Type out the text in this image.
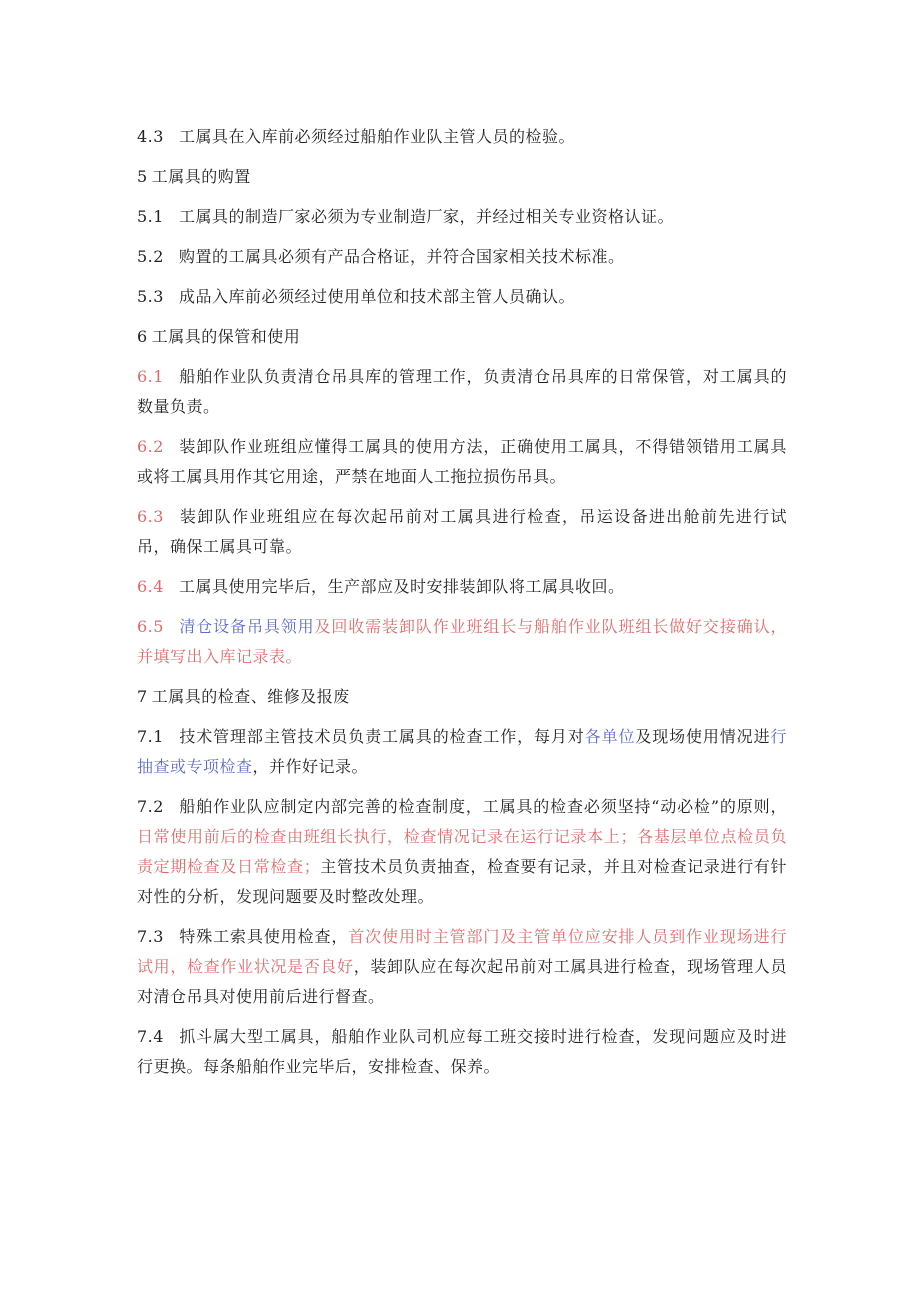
4.3 工属具在入库前必须经过船舶作业队主管人员的检验。

5 工属具的购置

5.1 工属具的制造厂家必须为专业制造厂家，并经过相关专业资格认证。

5.2 购置的工属具必须有产品合格证，并符合国家相关技术标准。

5.3 成品入库前必须经过使用单位和技术部主管人员确认。

6 工属具的保管和使用

6.1 船舶作业队负责清仓吊具库的管理工作，负责清仓吊具库的日常保管，对工属具的数量负责。

6.2 装卸队作业班组应懂得工属具的使用方法，正确使用工属具，不得错领错用工属具或将工属具用作其它用途，严禁在地面人工拖拉损伤吊具。

6.3 装卸队作业班组应在每次起吊前对工属具进行检查，吊运设备进出舱前先进行试吊，确保工属具可靠。

6.4 工属具使用完毕后，生产部应及时安排装卸队将工属具收回。

6.5 清仓设备吊具领用及回收需装卸队作业班组长与船舶作业队班组长做好交接确认，并填写出入库记录表。

7 工属具的检查、维修及报废

7.1 技术管理部主管技术员负责工属具的检查工作，每月对各单位及现场使用情况进行抽查或专项检查，并作好记录。

7.2 船舶作业队应制定内部完善的检查制度，工属具的检查必须坚持“动必检”的原则，日常使用前后的检查由班组长执行，检查情况记录在运行记录本上；各基层单位点检员负责定期检查及日常检查；主管技术员负责抽查，检查要有记录，并且对检查记录进行有针对性的分析，发现问题要及时整改处理。

7.3 特殊工索具使用检查，首次使用时主管部门及主管单位应安排人员到作业现场进行试用，检查作业状况是否良好，装卸队应在每次起吊前对工属具进行检查，现场管理人员对清仓吊具对使用前后进行督查。

7.4 抓斗属大型工属具，船舶作业队司机应每工班交接时进行检查，发现问题应及时进行更换。每条船舶作业完毕后，安排检查、保养。
